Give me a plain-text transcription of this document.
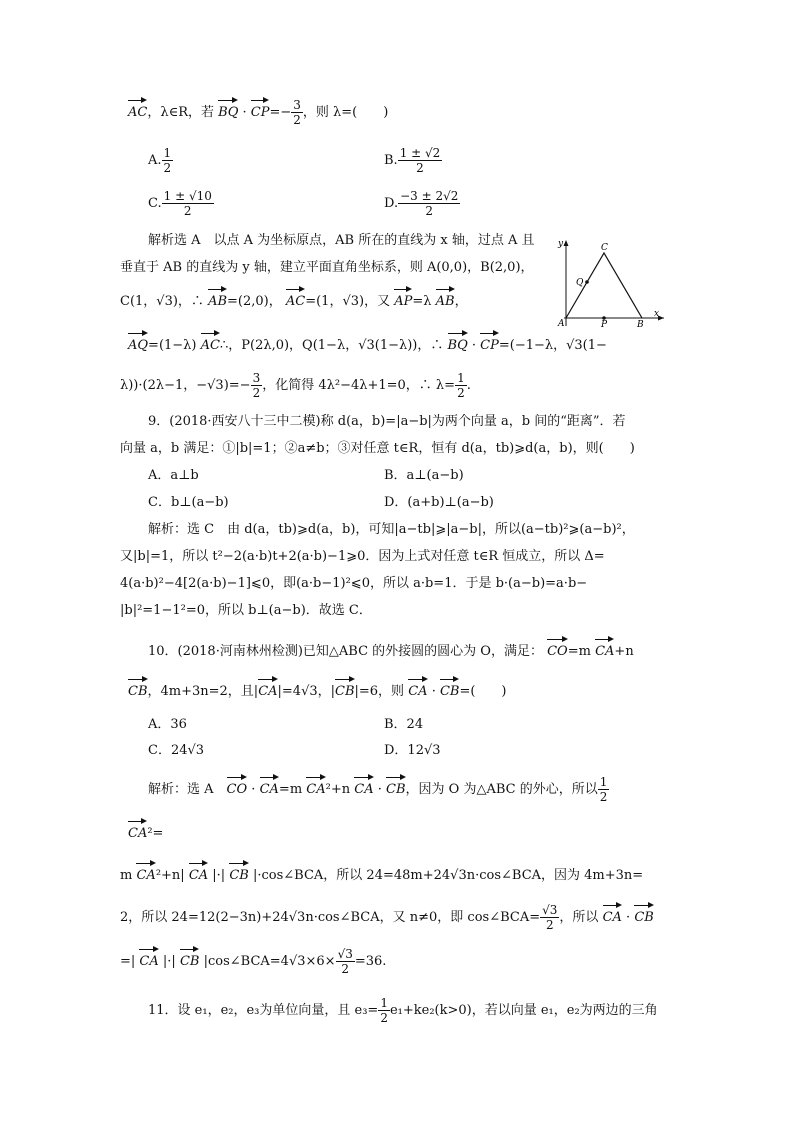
AC，λ∈R，若 BQ · $CP=- \frac{3}{2}$ ，则 λ=(　　)
A. $\frac{1}{2}$	B. $\frac{1 \pm √2}{2}$
C. $\frac{1 \pm √10}{2}$	D. $\frac{-3 \pm 2√2}{2}$
解析选 A　以点 A 为坐标原点，AB 所在的直线为 x 轴，过点 A 且
垂直于 AB 的直线为 y 轴，建立平面直角坐标系，则 A(0,0)，B(2,0)，
C(1，√3)，∴ AB=(2,0)， AC=(1，√3)，又 AP=λ AB，
AQ=(1−λ) AC∴，P(2λ,0)，Q(1−λ，√3(1−λ))，∴ BQ · CP=(−1−λ，√3(1−
λ))·(2λ−1，$-√3)=- \frac{3}{2}$ ，化简得 4λ²−4λ+1=0，∴ $\lambda= \frac{1}{2}$ .
y
x
C
Q
A	P	B
9．(2018·西安八十三中二模)称 d(a，b)=|a−b|为两个向量 a，b 间的“距离”．若
向量 a，b 满足：①|b|=1；②a≠b；③对任意 t∈R，恒有 d(a，tb)⩾d(a，b)，则(　　)
A．a⊥b	B．a⊥(a−b)
C．b⊥(a−b)	D．(a+b)⊥(a−b)
解析：选 C　由 d(a，tb)⩾d(a，b)，可知|a−tb|⩾|a−b|，所以(a−tb)²⩾(a−b)²，
又|b|=1，所以 t²−2(a·b)t+2(a·b)−1⩾0．因为上式对任意 t∈R 恒成立，所以 Δ=
4(a·b)²−4[2(a·b)−1]⩽0，即(a·b−1)²⩽0，所以 a·b=1．于是 b·(a−b)=a·b−
|b|²=1−1²=0，所以 b⊥(a−b)．故选 C．
10．(2018·河南林州检测)已知△ABC 的外接圆的圆心为 O，满足： CO=m CA+n
CB，4m+3n=2，且|CA|=4√3，|CB|=6，则 CA · CB=(　　)
A．36	B．24
C．24√3	D．12√3
解析：选 A　 CO · CA=m CA²+n CA · CB，因为 O 为△ABC 的外心，所以 $\frac{1}{2}$
CA²=
m CA²+n| CA |·| CB |·cos∠BCA，所以 24=48m+24√3n·cos∠BCA，因为 4m+3n=
2，所以 24=12(2−3n)+24√3n·cos∠BCA，又 n≠0，即 cos∠BCA= $\frac{√3}{2}$ ，所以 CA · CB
=| CA |·| CB |cos∠BCA=4√3×6× $\frac{√3}{2} =36$.
11．设 e₁，e₂，e₃为单位向量，且 $e_3= \frac{1}{2} e_1+ke_2(k>0)$，若以向量 e₁，e₂为两边的三角
